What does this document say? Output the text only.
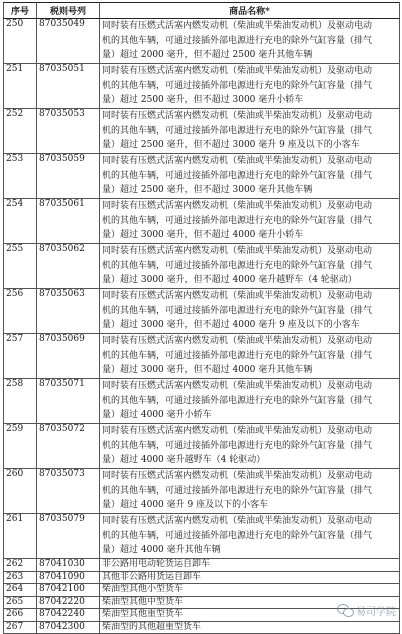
序号	税则号列	商品名称*
250	87035049	同时装有压燃式活塞内燃发动机（柴油或半柴油发动机）及驱动电动
机的其他车辆，可通过接插外部电源进行充电的除外气缸容量（排气
量）超过 2000 毫升，但不超过 2500 毫升其他车辆

251	87035051	同时装有压燃式活塞内燃发动机（柴油或半柴油发动机）及驱动电动
机的其他车辆，可通过接插外部电源进行充电的除外气缸容量（排气
量）超过 2500 毫升，但不超过 3000 毫升小轿车

252	87035053	同时装有压燃式活塞内燃发动机（柴油或半柴油发动机）及驱动电动
机的其他车辆，可通过接插外部电源进行充电的除外气缸容量（排气
量）超过 2500 毫升，但不超过 3000 毫升 9 座及以下的小客车

253	87035059	同时装有压燃式活塞内燃发动机（柴油或半柴油发动机）及驱动电动
机的其他车辆，可通过接插外部电源进行充电的除外气缸容量（排气
量）超过 2500 毫升，但不超过 3000 毫升其他车辆

254	87035061	同时装有压燃式活塞内燃发动机（柴油或半柴油发动机）及驱动电动
机的其他车辆，可通过接插外部电源进行充电的除外气缸容量（排气
量）超过 3000 毫升，但不超过 4000 毫升小轿车

255	87035062	同时装有压燃式活塞内燃发动机（柴油或半柴油发动机）及驱动电动
机的其他车辆，可通过接插外部电源进行充电的除外气缸容量（排气
量）超过 3000 毫升，但不超过 4000 毫升越野车（4 轮驱动）

256	87035063	同时装有压燃式活塞内燃发动机（柴油或半柴油发动机）及驱动电动
机的其他车辆，可通过接插外部电源进行充电的除外气缸容量（排气
量）超过 3000 毫升，但不超过 4000 毫升 9 座及以下的小客车

257	87035069	同时装有压燃式活塞内燃发动机（柴油或半柴油发动机）及驱动电动
机的其他车辆，可通过接插外部电源进行充电的除外气缸容量（排气
量）超过 3000 毫升，但不超过 4000 毫升其他车辆

258	87035071	同时装有压燃式活塞内燃发动机（柴油或半柴油发动机）及驱动电动
机的其他车辆，可通过接插外部电源进行充电的除外气缸容量（排气
量）超过 4000 毫升小轿车

259	87035072	同时装有压燃式活塞内燃发动机（柴油或半柴油发动机）及驱动电动
机的其他车辆，可通过接插外部电源进行充电的除外气缸容量（排气
量）超过 4000 毫升越野车（4 轮驱动）

260	87035073	同时装有压燃式活塞内燃发动机（柴油或半柴油发动机）及驱动电动
机的其他车辆，可通过接插外部电源进行充电的除外气缸容量（排气
量）超过 4000 毫升 9 座及以下的小客车

261	87035079	同时装有压燃式活塞内燃发动机（柴油或半柴油发动机）及驱动电动
机的其他车辆，可通过接插外部电源进行充电的除外气缸容量（排气
量）超过 4000 毫升其他车辆

262	87041030	非公路用电动轮货运自卸车

263	87041090	其他非公路用货运自卸车

264	87042100	柴油型其他小型货车

265	87042220	柴油型其他中型货车

266	87042240	柴油型其他重型货车

267	87042300	柴油型的其他超重型货车
易司学院
